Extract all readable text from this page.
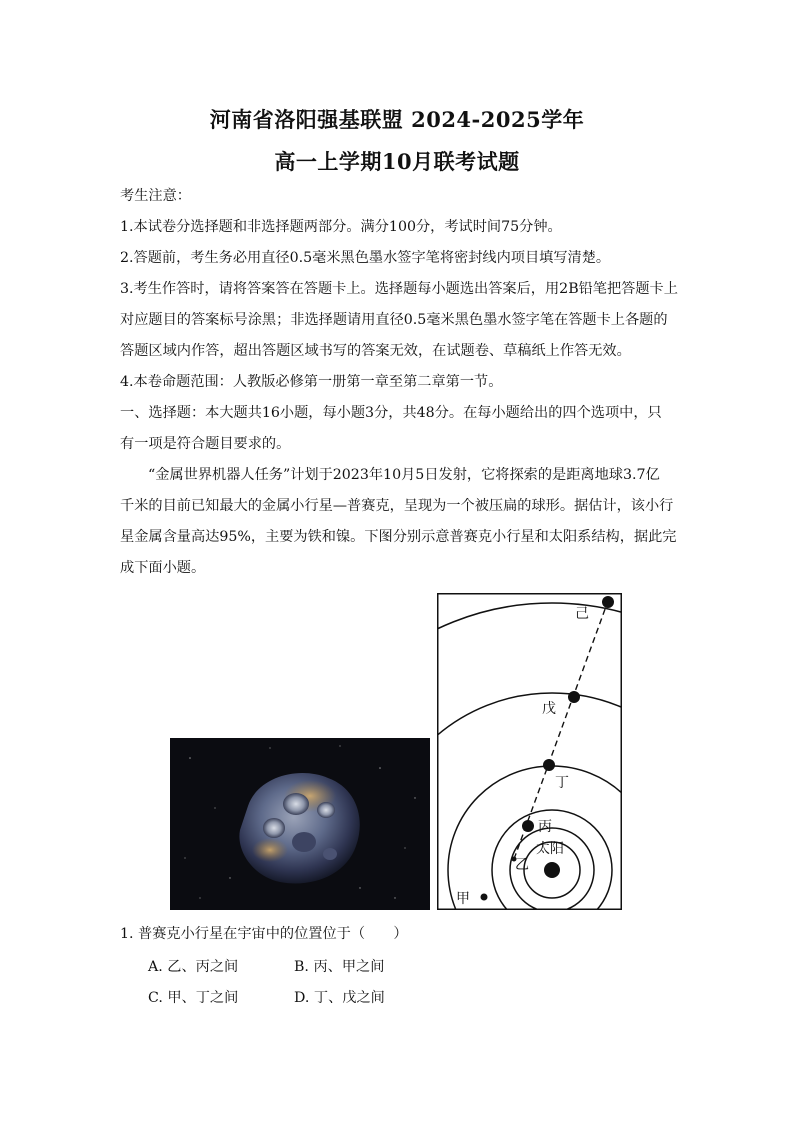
河南省洛阳强基联盟 2024-2025学年
高一上学期10月联考试题
考生注意：
1.本试卷分选择题和非选择题两部分。满分100分，考试时间75分钟。
2.答题前，考生务必用直径0.5毫米黑色墨水签字笔将密封线内项目填写清楚。
3.考生作答时，请将答案答在答题卡上。选择题每小题选出答案后，用2B铅笔把答题卡上
对应题目的答案标号涂黑；非选择题请用直径0.5毫米黑色墨水签字笔在答题卡上各题的
答题区域内作答，超出答题区域书写的答案无效，在试题卷、草稿纸上作答无效。
4.本卷命题范围：人教版必修第一册第一章至第二章第一节。
一、选择题：本大题共16小题，每小题3分，共48分。在每小题给出的四个选项中，只
有一项是符合题目要求的。
“金属世界机器人任务”计划于2023年10月5日发射，它将探索的是距离地球3.7亿
千米的目前已知最大的金属小行星—普赛克，呈现为一个被压扁的球形。据估计，该小行
星金属含量高达95%，主要为铁和镍。下图分别示意普赛克小行星和太阳系结构，据此完
成下面小题。
己
戊
丁
丙
太阳
乙
甲
1. 普赛克小行星在宇宙中的位置位于（　　）
A. 乙、丙之间	B. 丙、甲之间
C. 甲、丁之间	D. 丁、戊之间
